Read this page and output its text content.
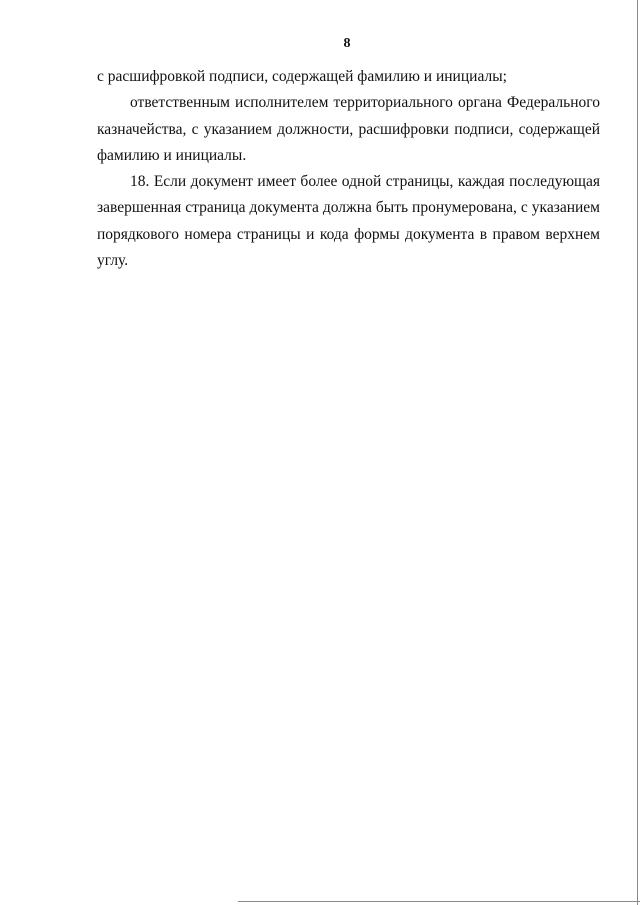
8

с расшифровкой подписи, содержащей фамилию и инициалы;

ответственным исполнителем территориального органа Федерального казначейства, с указанием должности, расшифровки подписи, содержащей фамилию и инициалы.

18. Если документ имеет более одной страницы, каждая последующая завершенная страница документа должна быть пронумерована, с указанием порядкового номера страницы и кода формы документа в правом верхнем углу.
